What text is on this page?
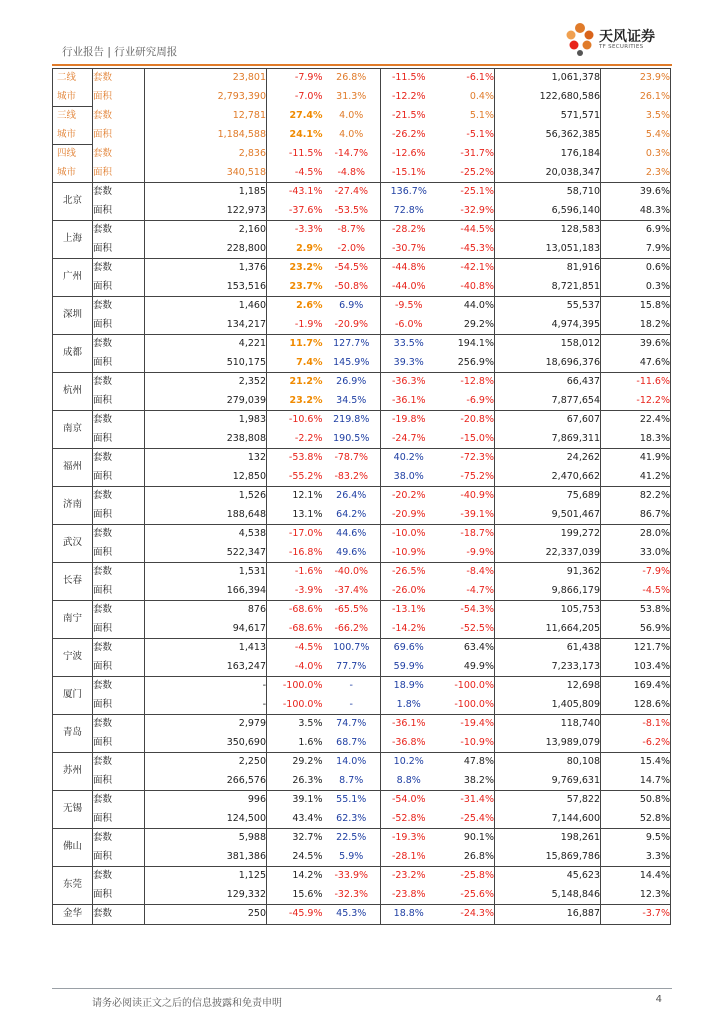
行业报告 | 行业研究周报
天风证券
TF SECURITIES
二线	套数	23,801	-7.9%	26.8%	-11.5%	-6.1%	1,061,378	23.9%
城市	面积	2,793,390	-7.0%	31.3%	-12.2%	0.4%	122,680,586	26.1%
三线	套数	12,781	27.4%	4.0%	-21.5%	5.1%	571,571	3.5%
城市	面积	1,184,588	24.1%	4.0%	-26.2%	-5.1%	56,362,385	5.4%
四线	套数	2,836	-11.5%	-14.7%	-12.6%	-31.7%	176,184	0.3%
城市	面积	340,518	-4.5%	-4.8%	-15.1%	-25.2%	20,038,347	2.3%
北京	套数	1,185	-43.1%	-27.4%	136.7%	-25.1%	58,710	39.6%
	面积	122,973	-37.6%	-53.5%	72.8%	-32.9%	6,596,140	48.3%
上海	套数	2,160	-3.3%	-8.7%	-28.2%	-44.5%	128,583	6.9%
	面积	228,800	2.9%	-2.0%	-30.7%	-45.3%	13,051,183	7.9%
广州	套数	1,376	23.2%	-54.5%	-44.8%	-42.1%	81,916	0.6%
	面积	153,516	23.7%	-50.8%	-44.0%	-40.8%	8,721,851	0.3%
深圳	套数	1,460	2.6%	6.9%	-9.5%	44.0%	55,537	15.8%
	面积	134,217	-1.9%	-20.9%	-6.0%	29.2%	4,974,395	18.2%
成都	套数	4,221	11.7%	127.7%	33.5%	194.1%	158,012	39.6%
	面积	510,175	7.4%	145.9%	39.3%	256.9%	18,696,376	47.6%
杭州	套数	2,352	21.2%	26.9%	-36.3%	-12.8%	66,437	-11.6%
	面积	279,039	23.2%	34.5%	-36.1%	-6.9%	7,877,654	-12.2%
南京	套数	1,983	-10.6%	219.8%	-19.8%	-20.8%	67,607	22.4%
	面积	238,808	-2.2%	190.5%	-24.7%	-15.0%	7,869,311	18.3%
福州	套数	132	-53.8%	-78.7%	40.2%	-72.3%	24,262	41.9%
	面积	12,850	-55.2%	-83.2%	38.0%	-75.2%	2,470,662	41.2%
济南	套数	1,526	12.1%	26.4%	-20.2%	-40.9%	75,689	82.2%
	面积	188,648	13.1%	64.2%	-20.9%	-39.1%	9,501,467	86.7%
武汉	套数	4,538	-17.0%	44.6%	-10.0%	-18.7%	199,272	28.0%
	面积	522,347	-16.8%	49.6%	-10.9%	-9.9%	22,337,039	33.0%
长春	套数	1,531	-1.6%	-40.0%	-26.5%	-8.4%	91,362	-7.9%
	面积	166,394	-3.9%	-37.4%	-26.0%	-4.7%	9,866,179	-4.5%
南宁	套数	876	-68.6%	-65.5%	-13.1%	-54.3%	105,753	53.8%
	面积	94,617	-68.6%	-66.2%	-14.2%	-52.5%	11,664,205	56.9%
宁波	套数	1,413	-4.5%	100.7%	69.6%	63.4%	61,438	121.7%
	面积	163,247	-4.0%	77.7%	59.9%	49.9%	7,233,173	103.4%
厦门	套数	-	-100.0%	-	18.9%	-100.0%	12,698	169.4%
	面积	-	-100.0%	-	1.8%	-100.0%	1,405,809	128.6%
青岛	套数	2,979	3.5%	74.7%	-36.1%	-19.4%	118,740	-8.1%
	面积	350,690	1.6%	68.7%	-36.8%	-10.9%	13,989,079	-6.2%
苏州	套数	2,250	29.2%	14.0%	10.2%	47.8%	80,108	15.4%
	面积	266,576	26.3%	8.7%	8.8%	38.2%	9,769,631	14.7%
无锡	套数	996	39.1%	55.1%	-54.0%	-31.4%	57,822	50.8%
	面积	124,500	43.4%	62.3%	-52.8%	-25.4%	7,144,600	52.8%
佛山	套数	5,988	32.7%	22.5%	-19.3%	90.1%	198,261	9.5%
	面积	381,386	24.5%	5.9%	-28.1%	26.8%	15,869,786	3.3%
东莞	套数	1,125	14.2%	-33.9%	-23.2%	-25.8%	45,623	14.4%
	面积	129,332	15.6%	-32.3%	-23.8%	-25.6%	5,148,846	12.3%
金华	套数	250	-45.9%	45.3%	18.8%	-24.3%	16,887	-3.7%
请务必阅读正文之后的信息披露和免责申明	4
